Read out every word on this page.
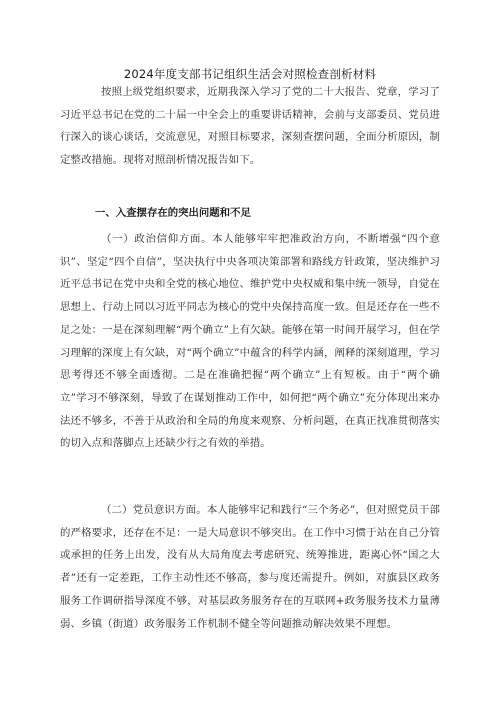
2024年度支部书记组织生活会对照检查剖析材料

按照上级党组织要求，近期我深入学习了党的二十大报告、党章，学习了习近平总书记在党的二十届一中全会上的重要讲话精神，会前与支部委员、党员进行深入的谈心谈话，交流意见，对照目标要求，深刻查摆问题，全面分析原因，制定整改措施。现将对照剖析情况报告如下。

一、入查摆存在的突出问题和不足

（一）政治信仰方面。本人能够牢牢把准政治方向，不断增强“四个意识”、坚定“四个自信”，坚决执行中央各项决策部署和路线方针政策，坚决维护习近平总书记在党中央和全党的核心地位、维护党中央权威和集中统一领导，自觉在思想上、行动上同以习近平同志为核心的党中央保持高度一致。但是还存在一些不足之处：一是在深刻理解“两个确立”上有欠缺。能够在第一时间开展学习，但在学习理解的深度上有欠缺，对“两个确立”中蕴含的科学内涵，阐释的深刻道理，学习思考得还不够全面透彻。二是在准确把握“两个确立”上有短板。由于“两个确立”学习不够深刻，导致了在谋划推动工作中，如何把“两个确立”充分体现出来办法还不够多，不善于从政治和全局的角度来观察、分析问题，在真正找准贯彻落实的切入点和落脚点上还缺少行之有效的举措。

（二）党员意识方面。本人能够牢记和践行“三个务必”，但对照党员干部的严格要求，还存在不足：一是大局意识不够突出。在工作中习惯于站在自己分管或承担的任务上出发，没有从大局角度去考虑研究、统筹推进，距离心怀“国之大者”还有一定差距，工作主动性还不够高，参与度还需提升。例如，对旗县区政务服务工作调研指导深度不够，对基层政务服务存在的互联网+政务服务技术力量薄弱、乡镇（街道）政务服务工作机制不健全等问题推动解决效果不理想。
